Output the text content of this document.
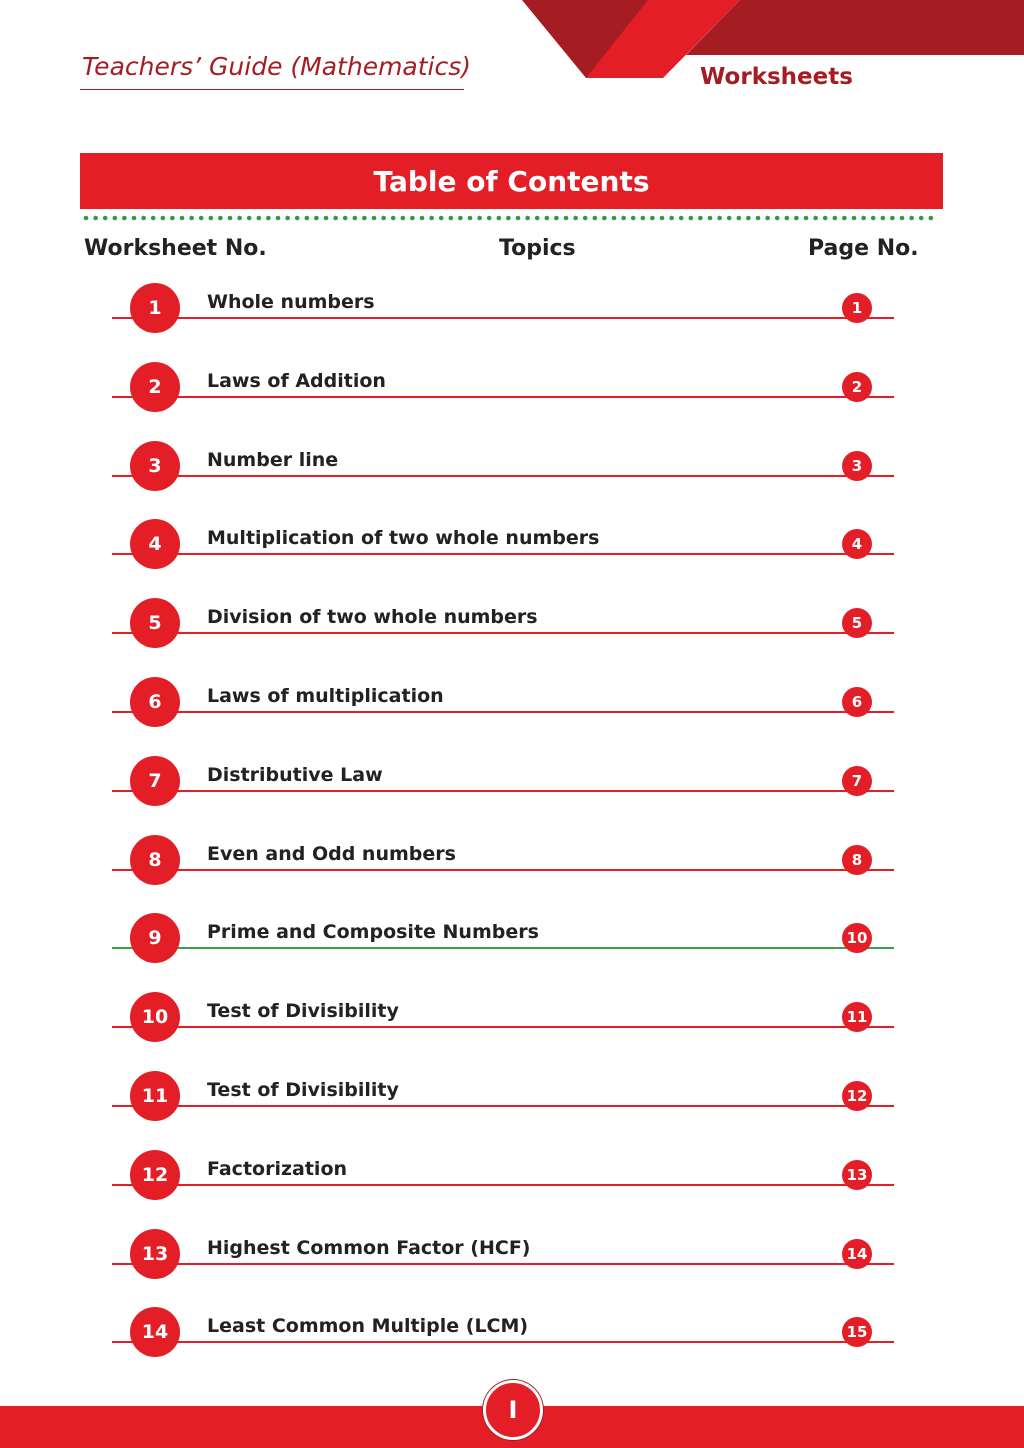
Teachers’ Guide (Mathematics)	Worksheets
Table of Contents
Worksheet No.	Topics	Page No.
1 Whole numbers	1
2 Laws of Addition	2
3 Number line	3
4 Multiplication of two whole numbers	4
5 Division of two whole numbers	5
6 Laws of multiplication	6
7 Distributive Law	7
8 Even and Odd numbers	8
9 Prime and Composite Numbers	10
10 Test of Divisibility	11
11 Test of Divisibility	12
12 Factorization	13
13 Highest Common Factor (HCF)	14
14 Least Common Multiple (LCM)	15
I
